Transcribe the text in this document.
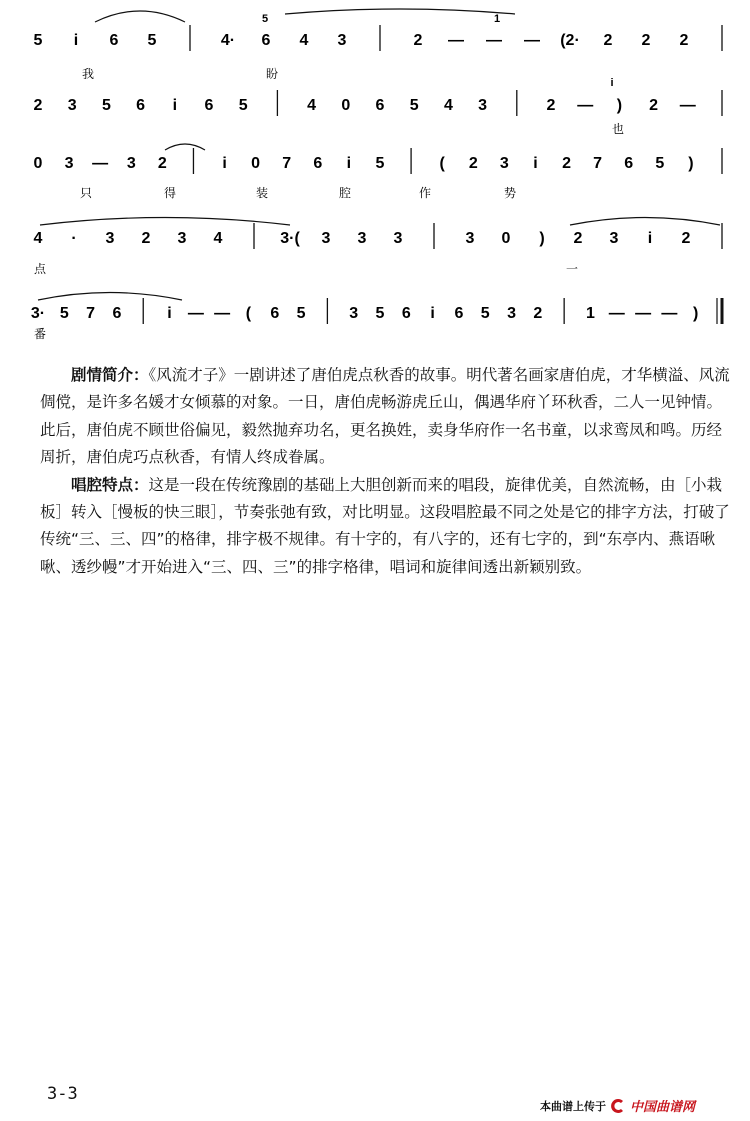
5 i 6 5	4· 6 4 3	2 — — — (2· 2 2 2
我	盼
2 3 5 6 i 6 5	4 0 6 5 4 3	2 — ) 2 —
也
0 3 — 3 2	i 0 7 6 i 5	( 2 3 i 2 7 6 5 )
只	得	装	腔	作	势
4 · 3 2 3 4	3·( 3 3 3	3 0 ) 2 3 i 2
点	一
3· 5 7 6	i — — ( 6 5	3 5 6 i 6 5 3 2	1 — — — )
番
5	1
i

剧情简介：《风流才子》一剧讲述了唐伯虎点秋香的故事。明代著名画家唐伯虎，才华横溢、风流倜傥，是许多名媛才女倾慕的对象。一日，唐伯虎畅游虎丘山，偶遇华府丫环秋香，二人一见钟情。此后，唐伯虎不顾世俗偏见，毅然抛弃功名，更名换姓，卖身华府作一名书童，以求鸾凤和鸣。历经周折，唐伯虎巧点秋香，有情人终成眷属。

唱腔特点：这是一段在传统豫剧的基础上大胆创新而来的唱段，旋律优美，自然流畅，由［小栽板］转入［慢板的快三眼］，节奏张弛有致，对比明显。这段唱腔最不同之处是它的排字方法，打破了传统“三、三、四”的格律，排字极不规律。有十字的，有八字的，还有七字的，到“东亭内、燕语啾啾、透纱幔”才开始进入“三、四、三”的排字格律，唱词和旋律间透出新颖别致。

3-3
本曲谱上传于 中国曲谱网
